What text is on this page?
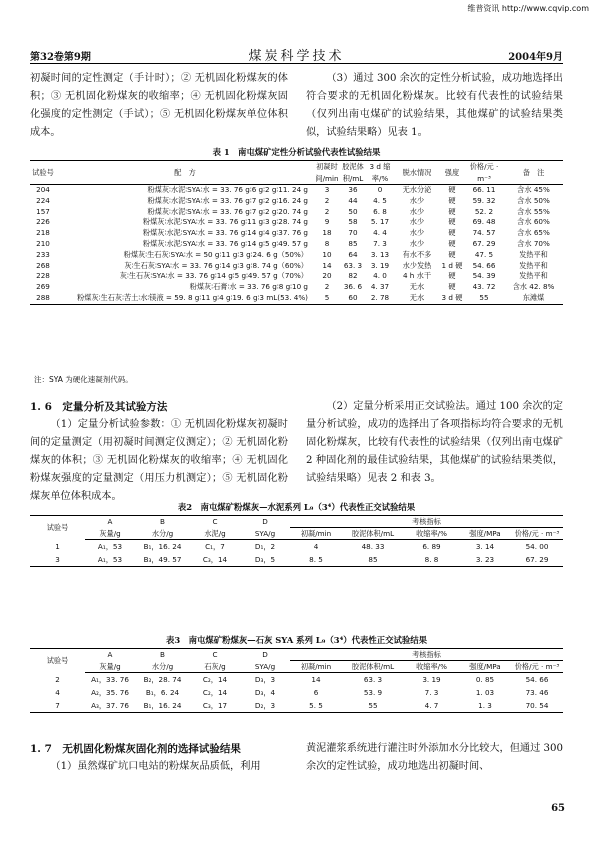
维普资讯 http://www.cqvip.com
第32卷第9期	煤炭科学技术	2004年9月

初凝时间的定性测定（手计时）；② 无机固化粉煤灰的体积；③ 无机固化粉煤灰的收缩率；④ 无机固化粉煤灰固化强度的定性测定（手试）；⑤ 无机固化粉煤灰单位体积成本。

（3）通过 300 余次的定性分析试验，成功地选择出符合要求的无机固化粉煤灰。比较有代表性的试验结果（仅列出南屯煤矿的试验结果，其他煤矿的试验结果类似，试验结果略）见表 1。

表 1　南屯煤矿定性分析试验代表性试验结果
试验号	配　方	初凝时间/min	胶泥体积/mL	3 d 缩率/%	脱水情况	强度	价格/元 · m⁻³	备　注
204	粉煤灰∶水泥∶SYA∶水 = 33. 76 g∶6 g∶2 g∶11. 24 g	3	36	0	无水分泌	硬	66. 11	含水 45%
224	粉煤灰∶水泥∶SYA∶水 = 33. 76 g∶7 g∶2 g∶16. 24 g	2	44	4. 5	水少	硬	59. 32	含水 50%
157	粉煤灰∶水泥∶SYA∶水 = 33. 76 g∶7 g∶2 g∶20. 74 g	2	50	6. 8	水少	硬	52. 2	含水 55%
226	粉煤灰∶水泥∶SYA∶水 = 33. 76 g∶11 g∶3 g∶28. 74 g	9	58	5. 17	水少	硬	69. 48	含水 60%
218	粉煤灰∶水泥∶SYA∶水 = 33. 76 g∶14 g∶4 g∶37. 76 g	18	70	4. 4	水少	硬	74. 57	含水 65%
210	粉煤灰∶水泥∶SYA∶水 = 33. 76 g∶14 g∶5 g∶49. 57 g	8	85	7. 3	水少	硬	67. 29	含水 70%
233	粉煤灰∶生石灰∶SYA∶水 = 50 g∶11 g∶3 g∶24. 6 g（50%）	10	64	3. 13	有水不多	硬	47. 5	发热平和
268	灰∶生石灰∶SYA∶水 = 33. 76 g∶14 g∶3 g∶8. 74 g（60%）	14	63. 3	3. 19	水少发热	1 d 硬	54. 66	发热平和
228	灰∶生石灰∶SYA∶水 = 33. 76 g∶14 g∶5 g∶49. 57 g（70%）	20	82	4. 0	4 h 水干	硬	54. 39	发热平和
269	粉煤灰∶石膏∶水 = 33. 76 g∶8 g∶10 g	2	36. 6	4. 37	无水	硬	43. 72	含水 42. 8%
288	粉煤灰∶生石灰∶苦土∶水∶镁液 = 59. 8 g∶11 g∶4 g∶19. 6 g∶3 mL(53. 4%)	5	60	2. 78	无水	3 d 硬	55	东滩煤
注：SYA 为硬化速凝剂代码。

1. 6　定量分析及其试验方法

（1）定量分析试验参数：① 无机固化粉煤灰初凝时间的定量测定（用初凝时间测定仪测定）；② 无机固化粉煤灰的体积；③ 无机固化粉煤灰的收缩率；④ 无机固化粉煤灰强度的定量测定（用压力机测定）；⑤ 无机固化粉煤灰单位体积成本。

（2）定量分析采用正交试验法。通过 100 余次的定量分析试验，成功的选择出了各项指标均符合要求的无机固化粉煤灰，比较有代表性的试验结果（仅列出南屯煤矿 2 种固化剂的最佳试验结果，其他煤矿的试验结果类似，试验结果略）见表 2 和表 3。

表2　南屯煤矿粉煤灰—水泥系列 L₉（3⁴）代表性正交试验结果
试验号	A	B	C	D	考核指标				
	灰量/g	水分/g	水泥/g	SYA/g	初凝/min	胶泥体积/mL	收缩率/%	强度/MPa	价格/元 · m⁻³
1	A₁，53	B₁，16. 24	C₁，7	D₁，2	4	48. 33	6. 89	3. 14	54. 00
3	A₁，53	B₃，49. 57	C₃，14	D₃，5	8. 5	85	8. 8	3. 23	67. 29
表3　南屯煤矿粉煤灰—石灰 SYA 系列 L₉（3⁴）代表性正交试验结果
试验号	A	B	C	D	考核指标				
	灰量/g	水分/g	石灰/g	SYA/g	初凝/min	胶泥体积/mL	收缩率/%	强度/MPa	价格/元 · m⁻³
2	A₁，33. 76	B₂，28. 74	C₂，14	D₃，3	14	63. 3	3. 19	0. 85	54. 66
4	A₂，35. 76	B₁，6. 24	C₂，14	D₃，4	6	53. 9	7. 3	1. 03	73. 46
7	A₃，37. 76	B₁，16. 24	C₃，17	D₂，3	5. 5	55	4. 7	1. 3	70. 54

1. 7　无机固化粉煤灰固化剂的选择试验结果

（1）虽然煤矿坑口电站的粉煤灰品质低，利用

黄泥灌浆系统进行灌注时外添加水分比较大，但通过 300 余次的定性试验，成功地选出初凝时间、

65
